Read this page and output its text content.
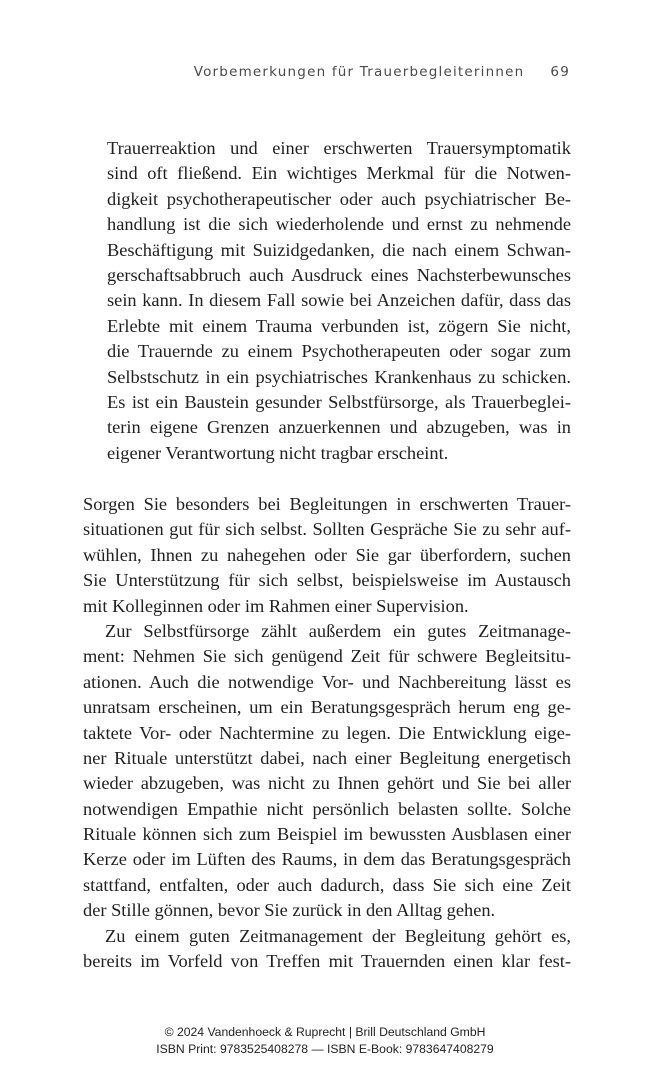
Vorbemerkungen für Trauerbegleiterinnen 69
Trauerreaktion und einer erschwerten Trauersymptomatik
sind oft fließend. Ein wichtiges Merkmal für die Notwen-
digkeit psychotherapeutischer oder auch psychiatrischer Be-
handlung ist die sich wiederholende und ernst zu nehmende
Beschäftigung mit Suizidgedanken, die nach einem Schwan-
gerschaftsabbruch auch Ausdruck eines Nachsterbewunsches
sein kann. In diesem Fall sowie bei Anzeichen dafür, dass das
Erlebte mit einem Trauma verbunden ist, zögern Sie nicht,
die Trauernde zu einem Psychotherapeuten oder sogar zum
Selbstschutz in ein psychiatrisches Krankenhaus zu schicken.
Es ist ein Baustein gesunder Selbstfürsorge, als Trauerbeglei-
terin eigene Grenzen anzuerkennen und abzugeben, was in
eigener Verantwortung nicht tragbar erscheint.
Sorgen Sie besonders bei Begleitungen in erschwerten Trauer-
situationen gut für sich selbst. Sollten Gespräche Sie zu sehr auf-
wühlen, Ihnen zu nahegehen oder Sie gar überfordern, suchen
Sie Unterstützung für sich selbst, beispielsweise im Austausch
mit Kolleginnen oder im Rahmen einer Supervision.
Zur Selbstfürsorge zählt außerdem ein gutes Zeitmanage-
ment: Nehmen Sie sich genügend Zeit für schwere Begleitsitu-
ationen. Auch die notwendige Vor- und Nachbereitung lässt es
unratsam erscheinen, um ein Beratungsgespräch herum eng ge-
taktete Vor- oder Nachtermine zu legen. Die Entwicklung eige-
ner Rituale unterstützt dabei, nach einer Begleitung energetisch
wieder abzugeben, was nicht zu Ihnen gehört und Sie bei aller
notwendigen Empathie nicht persönlich belasten sollte. Solche
Rituale können sich zum Beispiel im bewussten Ausblasen einer
Kerze oder im Lüften des Raums, in dem das Beratungsgespräch
stattfand, entfalten, oder auch dadurch, dass Sie sich eine Zeit
der Stille gönnen, bevor Sie zurück in den Alltag gehen.
Zu einem guten Zeitmanagement der Begleitung gehört es,
bereits im Vorfeld von Treffen mit Trauernden einen klar fest-
© 2024 Vandenhoeck & Ruprecht | Brill Deutschland GmbH
ISBN Print: 9783525408278 — ISBN E-Book: 9783647408279
